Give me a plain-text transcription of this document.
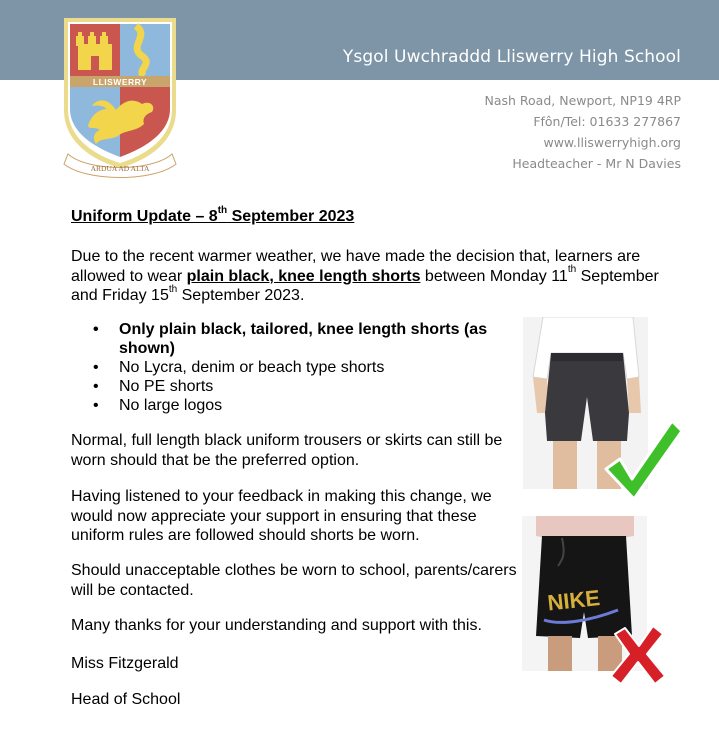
Ysgol Uwchraddd Lliswerry High School
LLISWERRY
ARDUA AD ALTA
Nash Road, Newport, NP19 4RP
Ffôn/Tel: 01633 277867
www.lliswerryhigh.org
Headteacher - Mr N Davies
Uniform Update – 8th September 2023
Due to the recent warmer weather, we have made the decision that, learners are allowed to wear plain black, knee length shorts between Monday 11th September and Friday 15th September 2023.
• Only plain black, tailored, knee length shorts (as shown)
• No Lycra, denim or beach type shorts
• No PE shorts
• No large logos
Normal, full length black uniform trousers or skirts can still be worn should that be the preferred option.
Having listened to your feedback in making this change, we would now appreciate your support in ensuring that these uniform rules are followed should shorts be worn.
Should unacceptable clothes be worn to school, parents/carers will be contacted.
Many thanks for your understanding and support with this.
Miss Fitzgerald
Head of School
NIKE
